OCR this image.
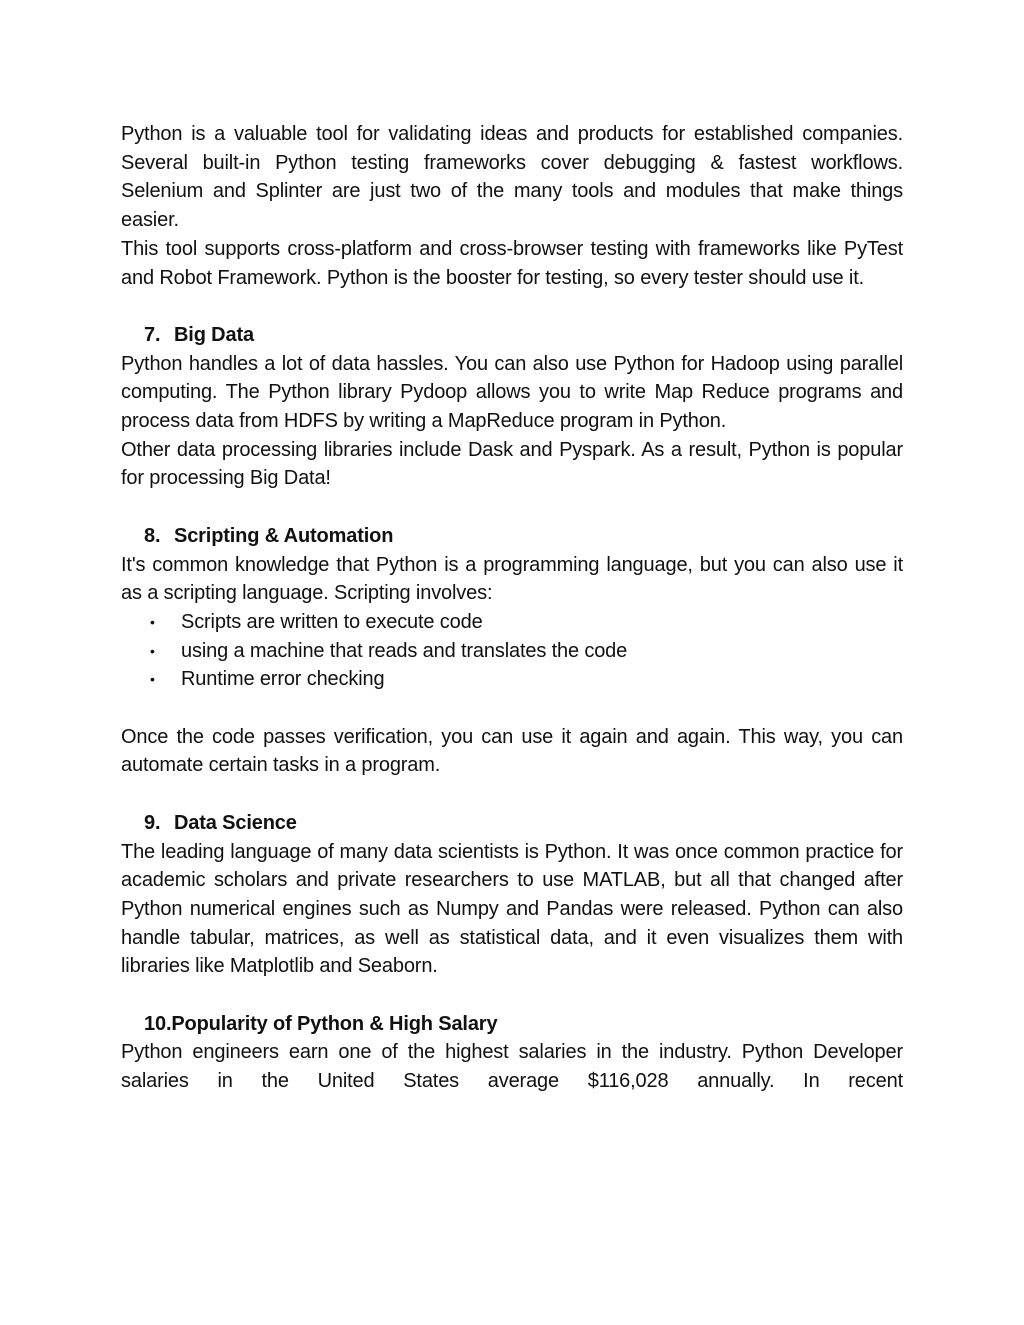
Python is a valuable tool for validating ideas and products for established companies. Several built-in Python testing frameworks cover debugging & fastest workflows. Selenium and Splinter are just two of the many tools and modules that make things easier.

This tool supports cross-platform and cross-browser testing with frameworks like PyTest and Robot Framework. Python is the booster for testing, so every tester should use it.

7. Big Data

Python handles a lot of data hassles. You can also use Python for Hadoop using parallel computing. The Python library Pydoop allows you to write Map Reduce programs and process data from HDFS by writing a MapReduce program in Python.

Other data processing libraries include Dask and Pyspark. As a result, Python is popular for processing Big Data!

8. Scripting & Automation

It's common knowledge that Python is a programming language, but you can also use it as a scripting language. Scripting involves:

• Scripts are written to execute code
• using a machine that reads and translates the code
• Runtime error checking

Once the code passes verification, you can use it again and again. This way, you can automate certain tasks in a program.

9. Data Science

The leading language of many data scientists is Python. It was once common practice for academic scholars and private researchers to use MATLAB, but all that changed after Python numerical engines such as Numpy and Pandas were released. Python can also handle tabular, matrices, as well as statistical data, and it even visualizes them with libraries like Matplotlib and Seaborn.

10.Popularity of Python & High Salary

Python engineers earn one of the highest salaries in the industry. Python Developer salaries in the United States average $116,028 annually. In recent
